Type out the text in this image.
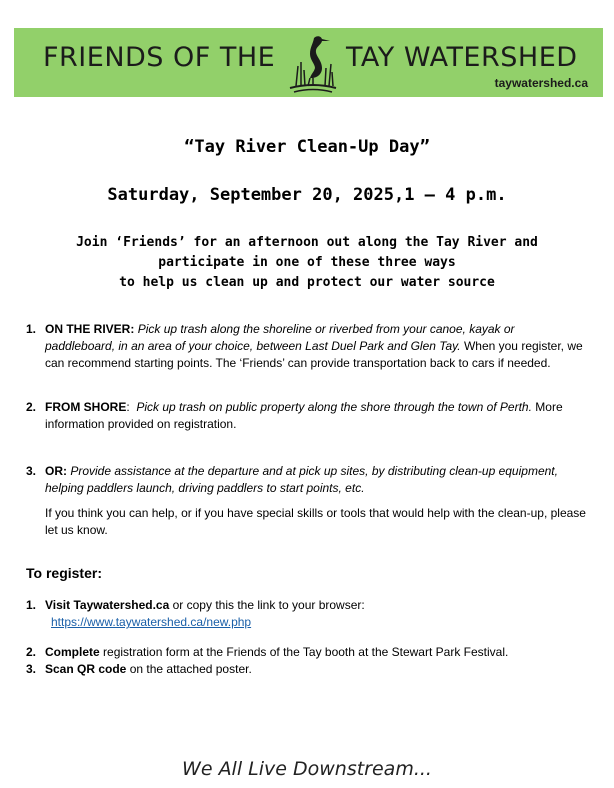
FRIENDS OF THE	TAY WATERSHED
taywatershed.ca
“Tay River Clean-Up Day”
Saturday, September 20, 2025,1 – 4 p.m.
Join ‘Friends’ for an afternoon out along the Tay River and
participate in one of these three ways
to help us clean up and protect our water source
1. ON THE RIVER: Pick up trash along the shoreline or riverbed from your canoe, kayak or paddleboard, in an area of your choice, between Last Duel Park and Glen Tay. When you register, we can recommend starting points. The ‘Friends’ can provide transportation back to cars if needed.
2. FROM SHORE:  Pick up trash on public property along the shore through the town of Perth. More information provided on registration.
3. OR: Provide assistance at the departure and at pick up sites, by distributing clean-up equipment, helping paddlers launch, driving paddlers to start points, etc.
If you think you can help, or if you have special skills or tools that would help with the clean-up, please let us know.
To register:
1. Visit Taywatershed.ca or copy this the link to your browser:
https://www.taywatershed.ca/new.php
2. Complete registration form at the Friends of the Tay booth at the Stewart Park Festival.
3. Scan QR code on the attached poster.
We All Live Downstream...
